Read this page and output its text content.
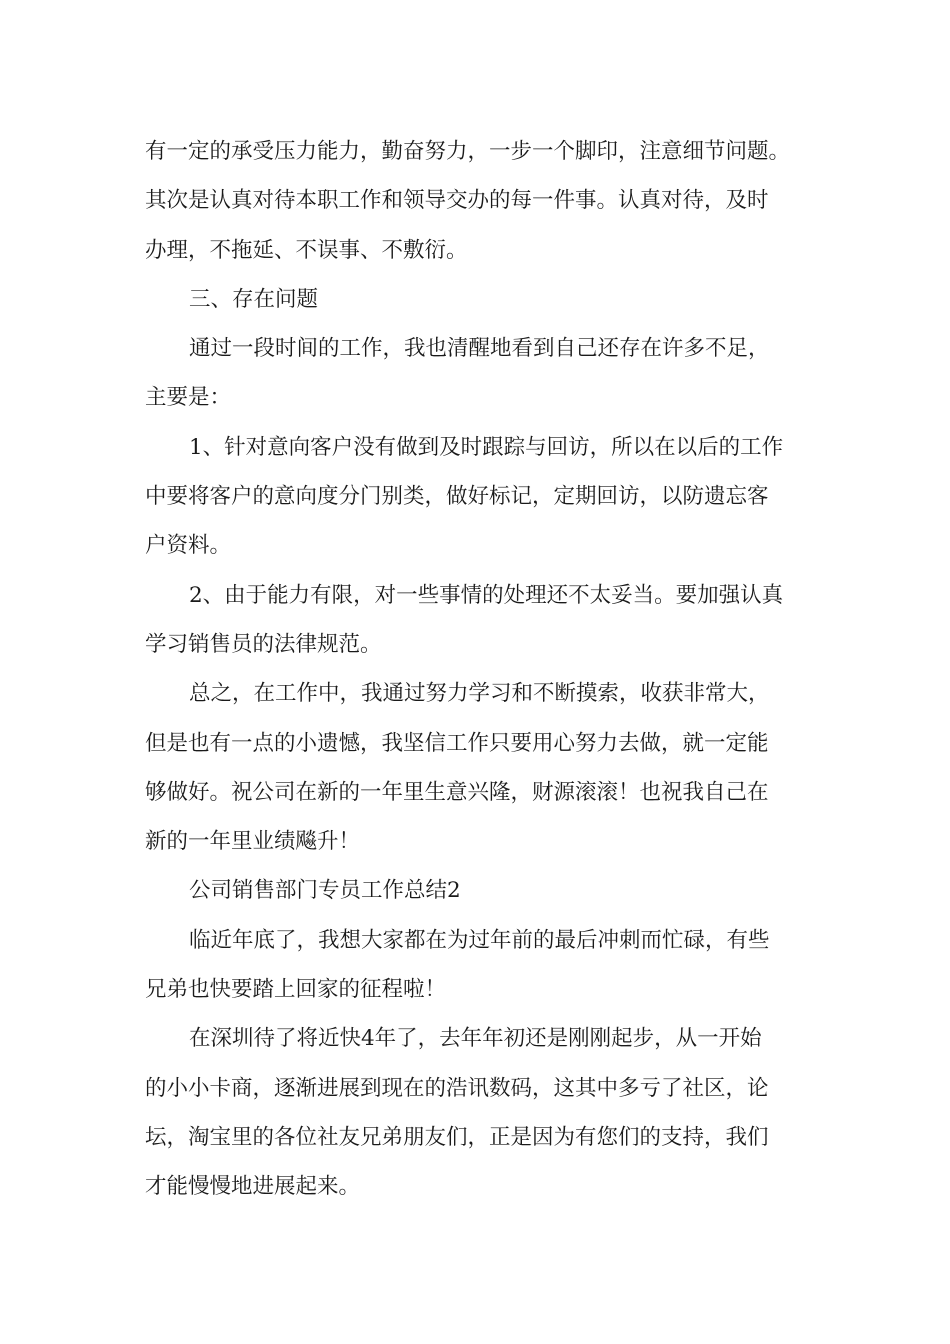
有一定的承受压力能力，勤奋努力，一步一个脚印，注意细节问题。
其次是认真对待本职工作和领导交办的每一件事。认真对待，及时
办理，不拖延、不误事、不敷衍。

三、存在问题

通过一段时间的工作，我也清醒地看到自己还存在许多不足，
主要是：

1、针对意向客户没有做到及时跟踪与回访，所以在以后的工作
中要将客户的意向度分门别类，做好标记，定期回访，以防遗忘客
户资料。

2、由于能力有限，对一些事情的处理还不太妥当。要加强认真
学习销售员的法律规范。

总之，在工作中，我通过努力学习和不断摸索，收获非常大，
但是也有一点的小遗憾，我坚信工作只要用心努力去做，就一定能
够做好。祝公司在新的一年里生意兴隆，财源滚滚！也祝我自己在
新的一年里业绩飚升！

公司销售部门专员工作总结2

临近年底了，我想大家都在为过年前的最后冲刺而忙碌，有些
兄弟也快要踏上回家的征程啦！

在深圳待了将近快4年了，去年年初还是刚刚起步，从一开始
的小小卡商，逐渐进展到现在的浩讯数码，这其中多亏了社区，论
坛，淘宝里的各位社友兄弟朋友们，正是因为有您们的支持，我们
才能慢慢地进展起来。
